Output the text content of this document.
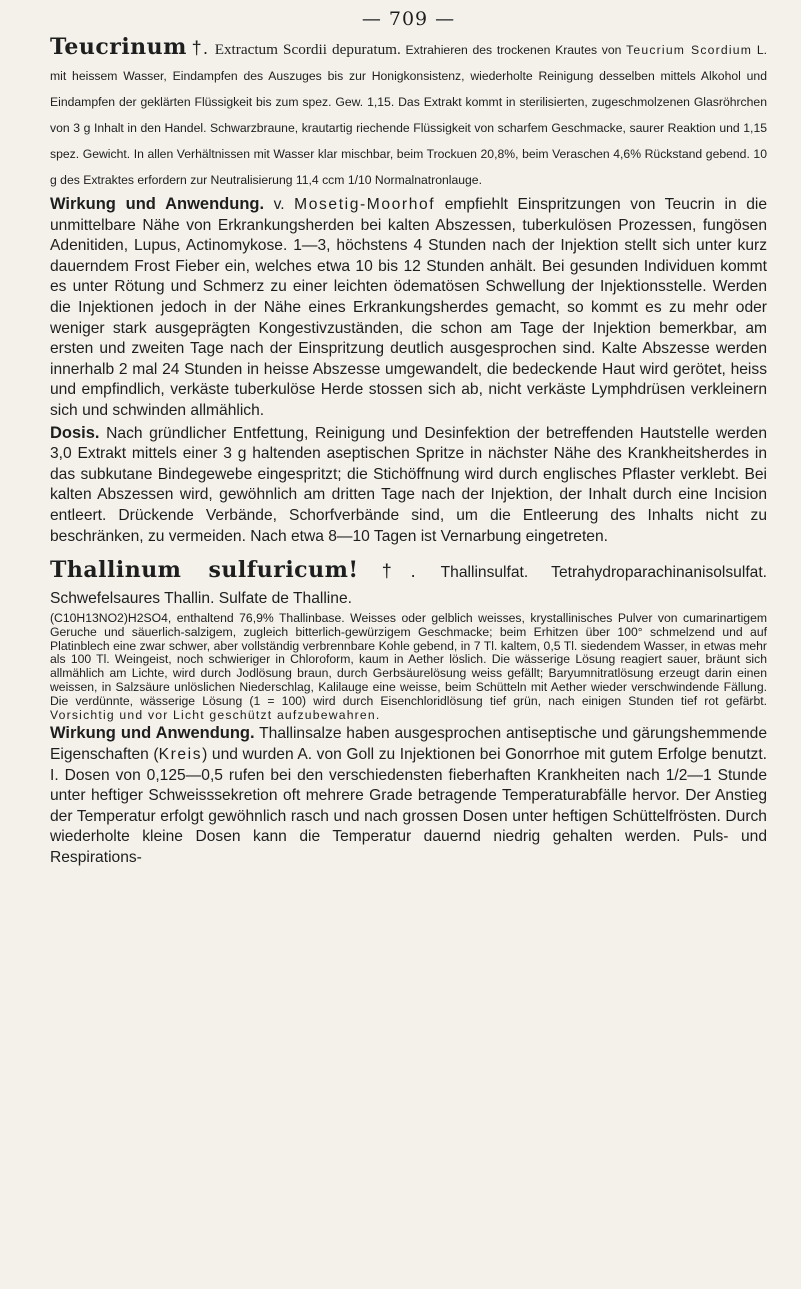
— 709 —

Teucrinum †. Extractum Scordii depuratum. Extrahieren des trockenen Krautes von Teucrium Scordium L. mit heissem Wasser, Eindampfen des Auszuges bis zur Honigkonsistenz, wiederholte Reinigung desselben mittels Alkohol und Eindampfen der geklärten Flüssigkeit bis zum spez. Gew. 1,15. Das Extrakt kommt in sterilisierten, zugeschmolzenen Glasröhrchen von 3 g Inhalt in den Handel. Schwarzbraune, krautartig riechende Flüssigkeit von scharfem Geschmacke, saurer Reaktion und 1,15 spez. Gewicht. In allen Verhältnissen mit Wasser klar mischbar, beim Trockuen 20,8%, beim Veraschen 4,6% Rückstand gebend. 10 g des Extraktes erfordern zur Neutralisierung 11,4 ccm 1/10 Normalnatronlauge.

Wirkung und Anwendung. v. Mosetig-Moorhof empfiehlt Einspritzungen von Teucrin in die unmittelbare Nähe von Erkrankungsherden bei kalten Abszessen, tuberkulösen Prozessen, fungösen Adenitiden, Lupus, Actinomykose. 1—3, höchstens 4 Stunden nach der Injektion stellt sich unter kurz dauerndem Frost Fieber ein, welches etwa 10 bis 12 Stunden anhält. Bei gesunden Individuen kommt es unter Rötung und Schmerz zu einer leichten ödematösen Schwellung der Injektionsstelle. Werden die Injektionen jedoch in der Nähe eines Erkrankungsherdes gemacht, so kommt es zu mehr oder weniger stark ausgeprägten Kongestivzuständen, die schon am Tage der Injektion bemerkbar, am ersten und zweiten Tage nach der Einspritzung deutlich ausgesprochen sind. Kalte Abszesse werden innerhalb 2 mal 24 Stunden in heisse Abszesse umgewandelt, die bedeckende Haut wird gerötet, heiss und empfindlich, verkäste tuberkulöse Herde stossen sich ab, nicht verkäste Lymphdrüsen verkleinern sich und schwinden allmählich.

Dosis. Nach gründlicher Entfettung, Reinigung und Desinfektion der betreffenden Hautstelle werden 3,0 Extrakt mittels einer 3 g haltenden aseptischen Spritze in nächster Nähe des Krankheitsherdes in das subkutane Bindegewebe eingespritzt; die Stichöffnung wird durch englisches Pflaster verklebt. Bei kalten Abszessen wird, gewöhnlich am dritten Tage nach der Injektion, der Inhalt durch eine Incision entleert. Drückende Verbände, Schorfverbände sind, um die Entleerung des Inhalts nicht zu beschränken, zu vermeiden. Nach etwa 8—10 Tagen ist Vernarbung eingetreten.

Thallinum sulfuricum! †. Thallinsulfat. Tetrahydroparachinanisolsulfat. Schwefelsaures Thallin. Sulfate de Thalline.

(C10H13NO2)H2SO4, enthaltend 76,9% Thallinbase. Weisses oder gelblich weisses, krystallinisches Pulver von cumarinartigem Geruche und säuerlich-salzigem, zugleich bitterlich-gewürzigem Geschmacke; beim Erhitzen über 100° schmelzend und auf Platinblech eine zwar schwer, aber vollständig verbrennbare Kohle gebend, in 7 Tl. kaltem, 0,5 Tl. siedendem Wasser, in etwas mehr als 100 Tl. Weingeist, noch schwieriger in Chloroform, kaum in Aether löslich. Die wässerige Lösung reagiert sauer, bräunt sich allmählich am Lichte, wird durch Jodlösung braun, durch Gerbsäurelösung weiss gefällt; Baryumnitratlösung erzeugt darin einen weissen, in Salzsäure unlöslichen Niederschlag, Kalilauge eine weisse, beim Schütteln mit Aether wieder verschwindende Fällung. Die verdünnte, wässerige Lösung (1 = 100) wird durch Eisenchloridlösung tief grün, nach einigen Stunden tief rot gefärbt. Vorsichtig und vor Licht geschützt aufzubewahren.

Wirkung und Anwendung. Thallinsalze haben ausgesprochen antiseptische und gärungshemmende Eigenschaften (Kreis) und wurden A. von Goll zu Injektionen bei Gonorrhoe mit gutem Erfolge benutzt. I. Dosen von 0,125—0,5 rufen bei den verschiedensten fieberhaften Krankheiten nach 1/2—1 Stunde unter heftiger Schweisssekretion oft mehrere Grade betragende Temperaturabfälle hervor. Der Anstieg der Temperatur erfolgt gewöhnlich rasch und nach grossen Dosen unter heftigen Schüttelfrösten. Durch wiederholte kleine Dosen kann die Temperatur dauernd niedrig gehalten werden. Puls- und Respirations-
